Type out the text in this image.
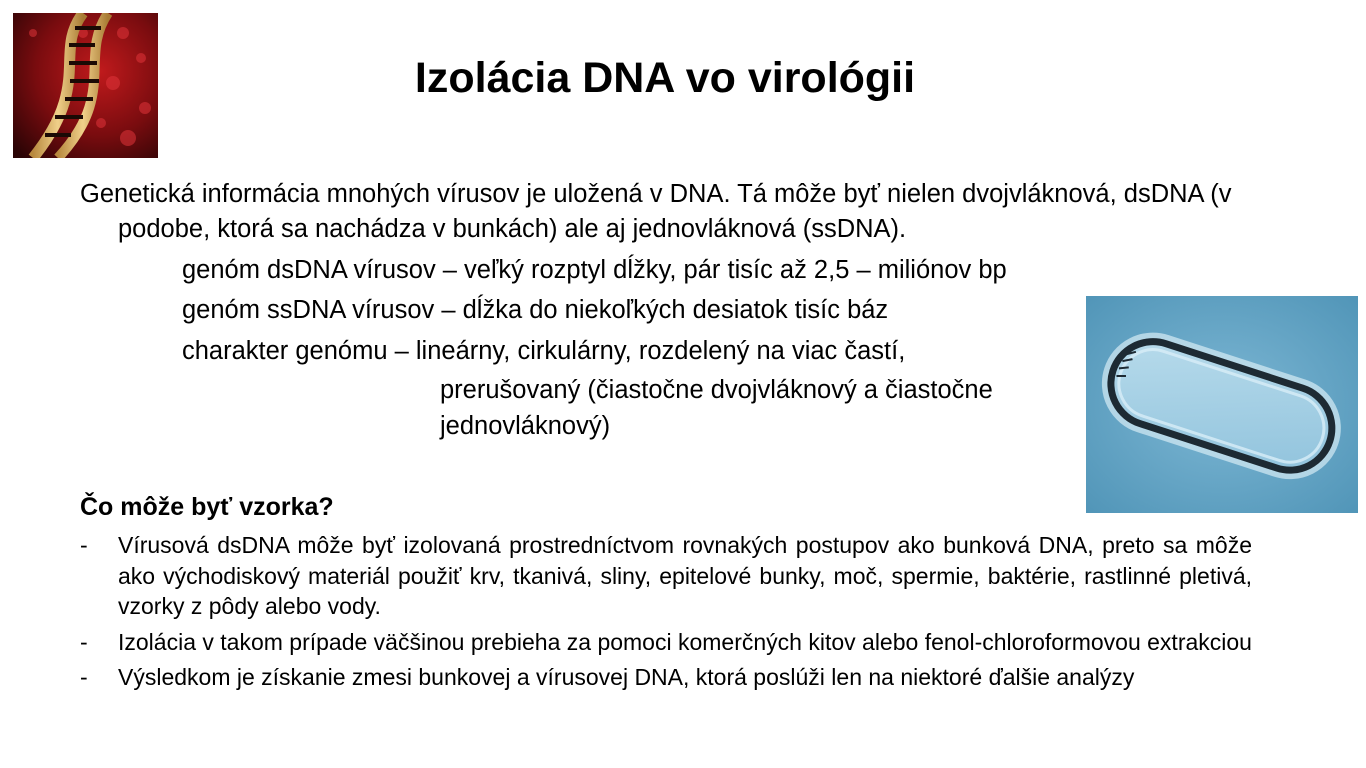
Izolácia DNA vo virológii

Genetická informácia mnohých vírusov je uložená v DNA. Tá môže byť nielen dvojvláknová, dsDNA (v podobe, ktorá sa nachádza v bunkách) ale aj jednovláknová (ssDNA).

genóm dsDNA vírusov – veľký rozptyl dĺžky, pár tisíc až 2,5 – miliónov bp

genóm ssDNA vírusov – dĺžka do niekoľkých desiatok tisíc báz

charakter genómu – lineárny, cirkulárny, rozdelený na viac častí,

prerušovaný (čiastočne dvojvláknový a čiastočne

jednovláknový)

Čo môže byť vzorka?
- Vírusová dsDNA môže byť izolovaná prostredníctvom rovnakých postupov ako bunková DNA, preto sa môže ako východiskový materiál použiť krv, tkanivá, sliny, epitelové bunky, moč, spermie, baktérie, rastlinné pletivá, vzorky z pôdy alebo vody.
- Izolácia v takom prípade väčšinou prebieha za pomoci komerčných kitov alebo fenol-chloroformovou extrakciou
- Výsledkom je získanie zmesi bunkovej a vírusovej DNA, ktorá poslúži len na niektoré ďalšie analýzy
